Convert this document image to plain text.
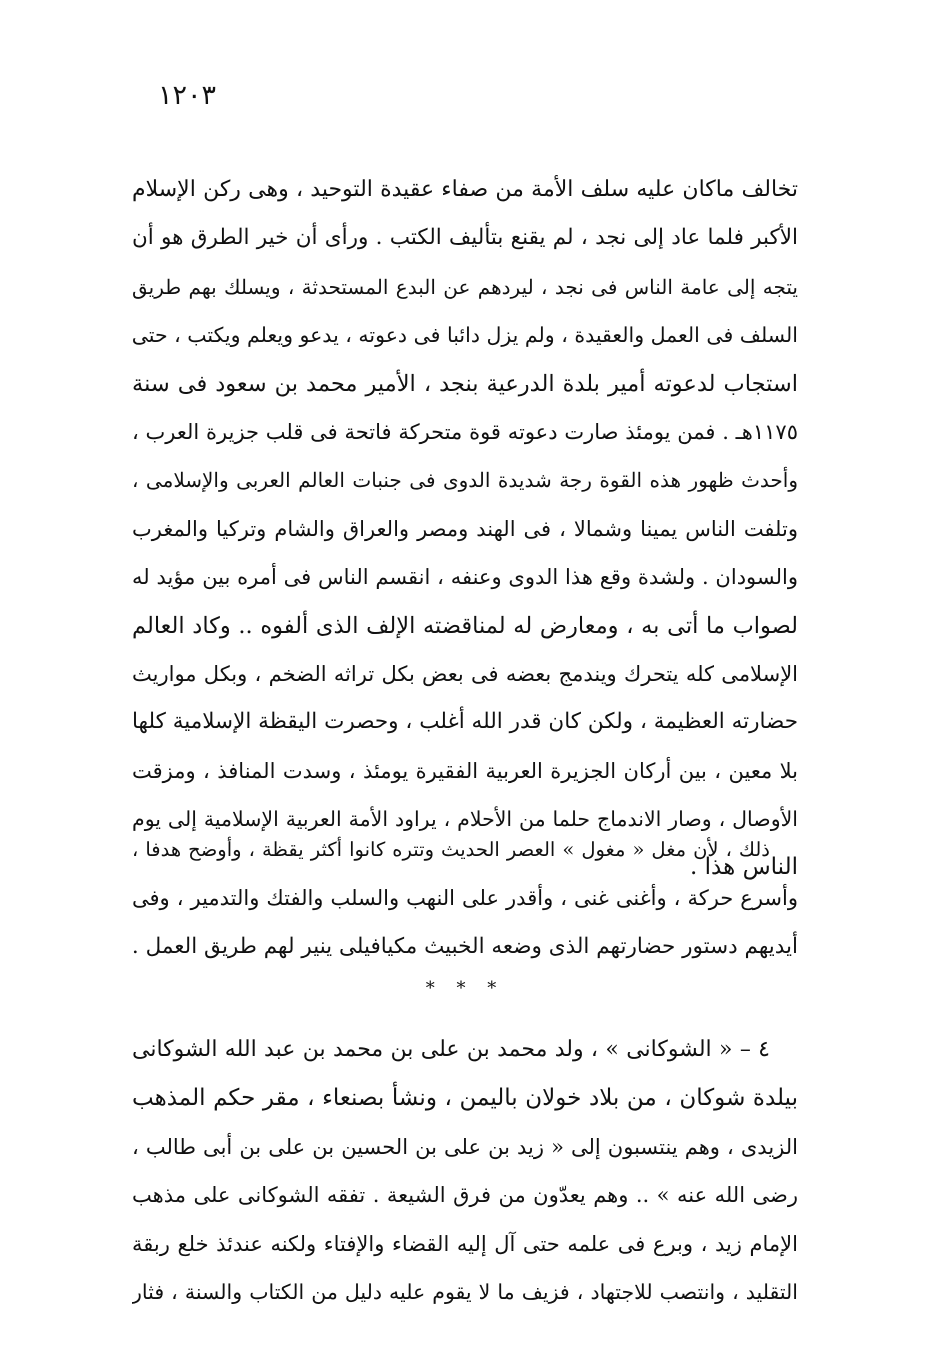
١٢٠٣
تخالف ماكان عليه سلف الأمة من صفاء عقيدة التوحيد ، وهى ركن الإسلام
الأكبر فلما عاد إلى نجد ، لم يقنع بتأليف الكتب . ورأى أن خير الطرق هو أن
يتجه إلى عامة الناس فى نجد ، ليردهم عن البدع المستحدثة ، ويسلك بهم طريق
السلف فى العمل والعقيدة ، ولم يزل دائبا فى دعوته ، يدعو ويعلم ويكتب ، حتى
استجاب لدعوته أمير بلدة الدرعية بنجد ، الأمير محمد بن سعود فى سنة
١١٧٥هـ . فمن يومئذ صارت دعوته قوة متحركة فاتحة فى قلب جزيرة العرب ،
وأحدث ظهور هذه القوة رجة شديدة الدوى فى جنبات العالم العربى والإسلامى ،
وتلفت الناس يمينا وشمالا ، فى الهند ومصر والعراق والشام وتركيا والمغرب
والسودان . ولشدة وقع هذا الدوى وعنفه ، انقسم الناس فى أمره بين مؤيد له
لصواب ما أتى به ، ومعارض له لمناقضته الإلف الذى ألفوه .. وكاد العالم
الإسلامى كله يتحرك ويندمج بعضه فى بعض بكل تراثه الضخم ، وبكل مواريث
حضارته العظيمة ، ولكن كان قدر الله أغلب ، وحصرت اليقظة الإسلامية كلها
بلا معين ، بين أركان الجزيرة العربية الفقيرة يومئذ ، وسدت المنافذ ، ومزقت
الأوصال ، وصار الاندماج حلما من الأحلام ، يراود الأمة العربية الإسلامية إلى يوم
الناس هذا .
ذلك ، لأن مغل « مغول » العصر الحديث وتتره كانوا أكثر يقظة ، وأوضح هدفا ،
وأسرع حركة ، وأغنى غنى ، وأقدر على النهب والسلب والفتك والتدمير ، وفى
أيديهم دستور حضارتهم الذى وضعه الخبيث مكيافيلى ينير لهم طريق العمل .
* * *
٤ – « الشوكانى » ، ولد محمد بن على بن محمد بن عبد الله الشوكانى
بيلدة شوكان ، من بلاد خولان باليمن ، ونشأ بصنعاء ، مقر حكم المذهب
الزيدى ، وهم ينتسبون إلى « زيد بن على بن الحسين بن على بن أبى طالب ،
رضى الله عنه » .. وهم يعدّون من فرق الشيعة . تفقه الشوكانى على مذهب
الإمام زيد ، وبرع فى علمه حتى آل إليه القضاء والإفتاء ولكنه عندئذ خلع ربقة
التقليد ، وانتصب للاجتهاد ، فزيف ما لا يقوم عليه دليل من الكتاب والسنة ، فثار
